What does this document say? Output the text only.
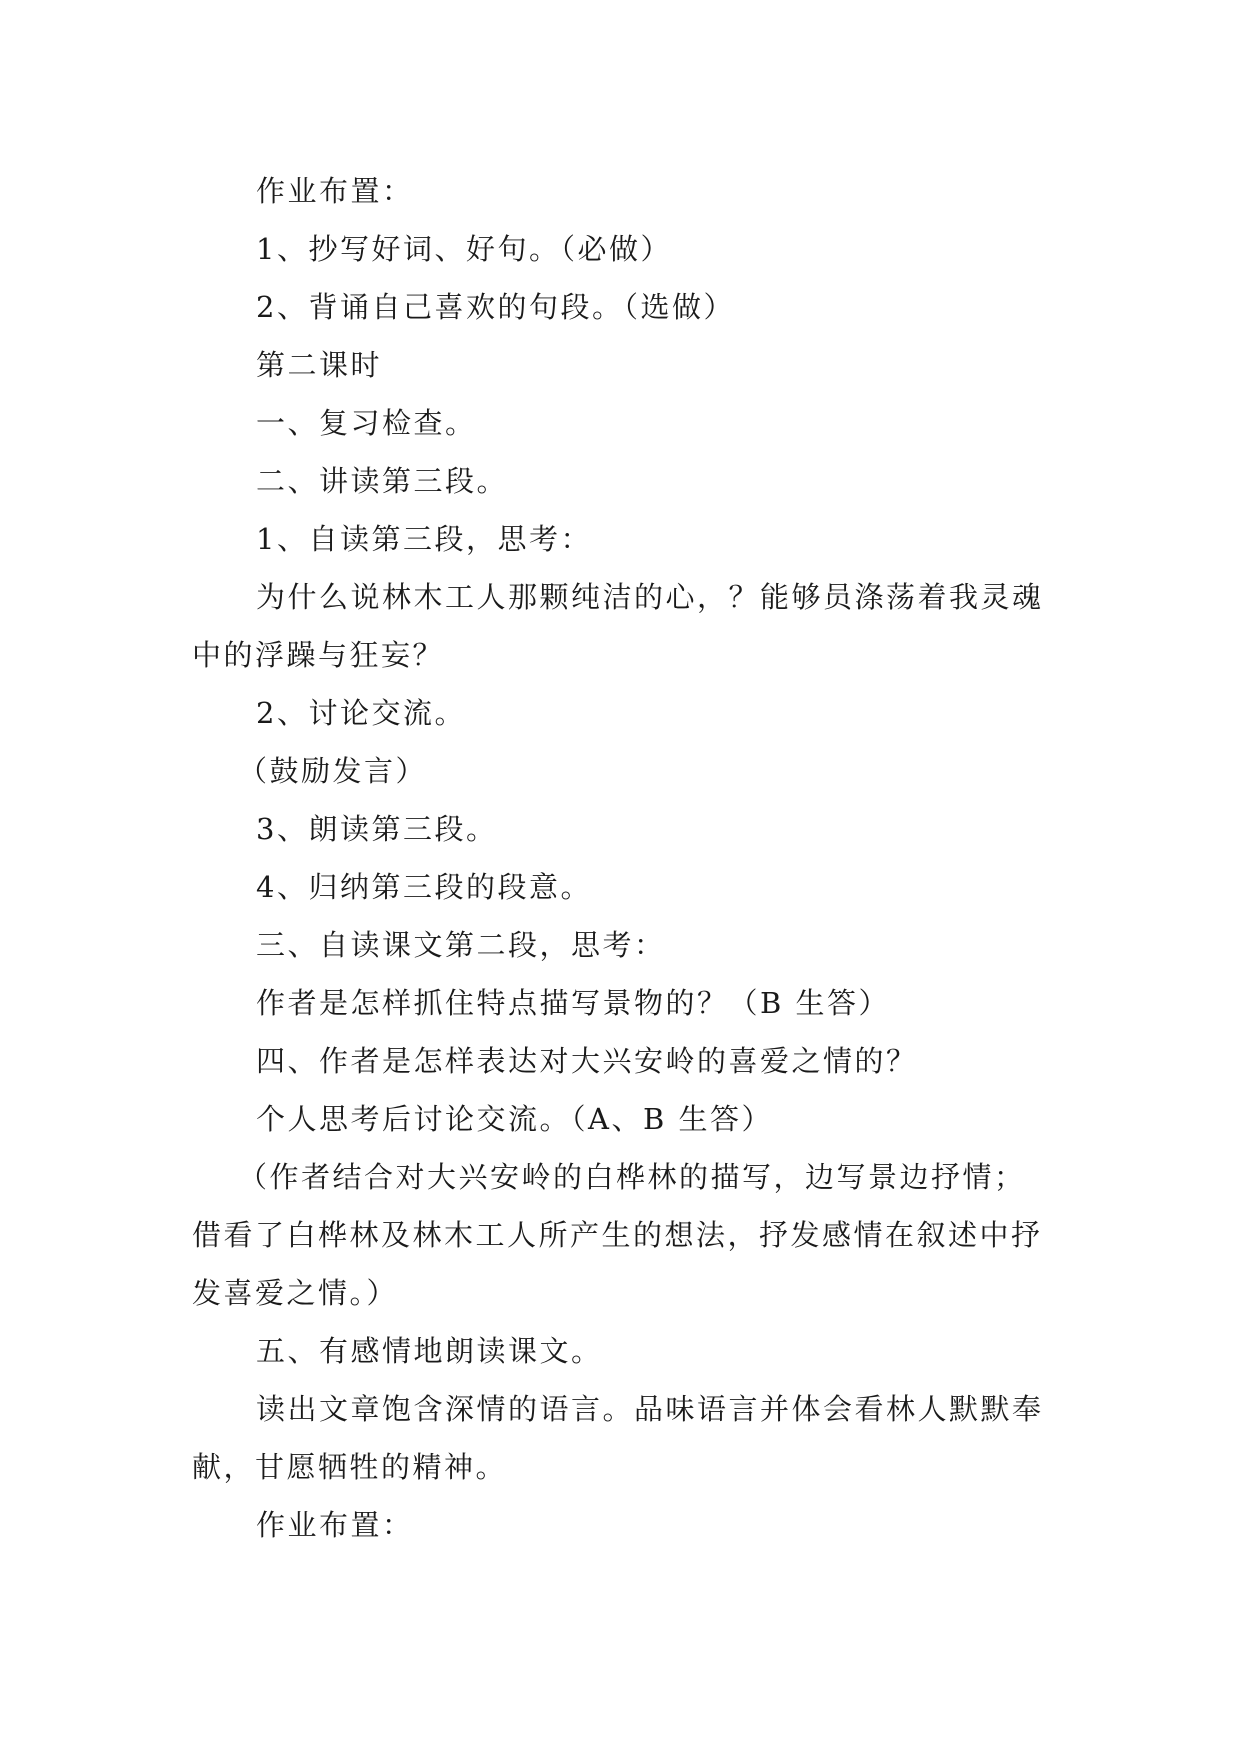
作业布置：

1、抄写好词、好句。（必做）

2、背诵自己喜欢的句段。（选做）

第二课时

一、复习检查。

二、讲读第三段。

1、自读第三段，思考：

为什么说林木工人那颗纯洁的心，？能够员涤荡着我灵魂中的浮躁与狂妄？

2、讨论交流。

（鼓励发言）

3、朗读第三段。

4、归纳第三段的段意。

三、自读课文第二段，思考：

作者是怎样抓住特点描写景物的？（B 生答）

四、作者是怎样表达对大兴安岭的喜爱之情的？

个人思考后讨论交流。（A、B 生答）

（作者结合对大兴安岭的白桦林的描写，边写景边抒情；借看了白桦林及林木工人所产生的想法，抒发感情在叙述中抒发喜爱之情。）

五、有感情地朗读课文。

读出文章饱含深情的语言。品味语言并体会看林人默默奉献，甘愿牺牲的精神。

作业布置：
